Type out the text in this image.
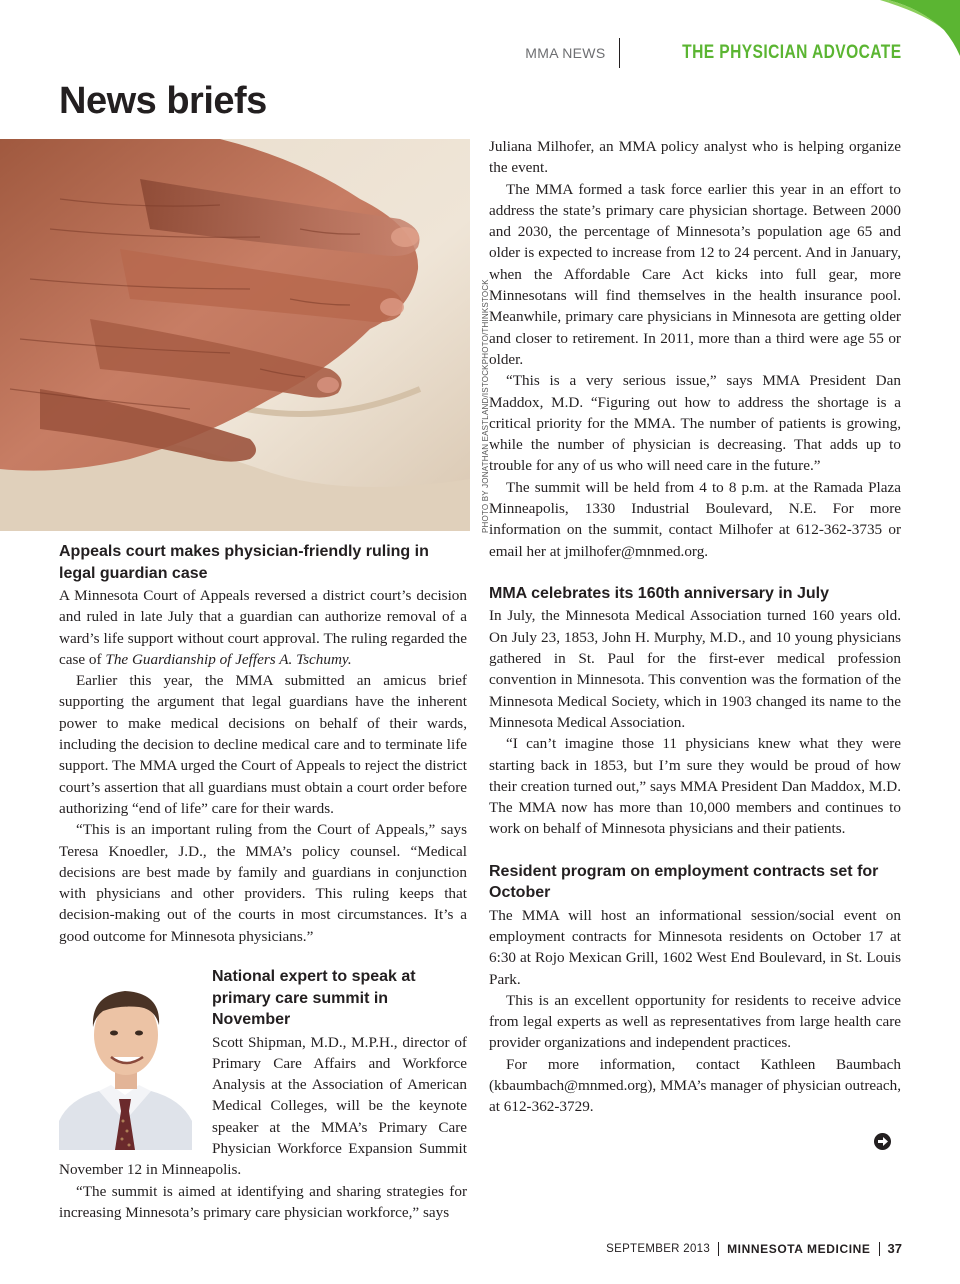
MMA NEWS	THE PHYSICIAN ADVOCATE
News briefs
PHOTO BY JONATHAN EASTLAND/ISTOCKPHOTO/THINKSTOCK
Appeals court makes physician-friendly ruling in legal guardian case

A Minnesota Court of Appeals reversed a district court’s decision and ruled in late July that a guardian can authorize removal of a ward’s life support without court approval. The ruling regarded the case of The Guardianship of Jeffers A. Tschumy.

Earlier this year, the MMA submitted an amicus brief supporting the argument that legal guardians have the inherent power to make medical decisions on behalf of their wards, including the decision to decline medical care and to terminate life support. The MMA urged the Court of Appeals to reject the district court’s assertion that all guardians must obtain a court order before authorizing “end of life” care for their wards.

“This is an important ruling from the Court of Appeals,” says Teresa Knoedler, J.D., the MMA’s policy counsel. “Medical decisions are best made by family and guardians in conjunction with physicians and other providers. This ruling keeps that decision-making out of the courts in most circumstances. It’s a good outcome for Minnesota physicians.”

National expert to speak at primary care summit in November

Scott Shipman, M.D., M.P.H., director of Primary Care Affairs and Workforce Analysis at the Association of American Medical Colleges, will be the keynote speaker at the MMA’s Primary Care Physician Workforce Expansion Summit November 12 in Minneapolis.

“The summit is aimed at identifying and sharing strategies for increasing Minnesota’s primary care physician workforce,” says

Juliana Milhofer, an MMA policy analyst who is helping organize the event.

The MMA formed a task force earlier this year in an effort to address the state’s primary care physician shortage. Between 2000 and 2030, the percentage of Minnesota’s population age 65 and older is expected to increase from 12 to 24 percent. And in January, when the Affordable Care Act kicks into full gear, more Minnesotans will find themselves in the health insurance pool. Meanwhile, primary care physicians in Minnesota are getting older and closer to retirement. In 2011, more than a third were age 55 or older.

“This is a very serious issue,” says MMA President Dan Maddox, M.D. “Figuring out how to address the shortage is a critical priority for the MMA. The number of patients is growing, while the number of physician is decreasing. That adds up to trouble for any of us who will need care in the future.”

The summit will be held from 4 to 8 p.m. at the Ramada Plaza Minneapolis, 1330 Industrial Boulevard, N.E. For more information on the summit, contact Milhofer at 612-362-3735 or email her at jmilhofer@mnmed.org.

MMA celebrates its 160th anniversary in July

In July, the Minnesota Medical Association turned 160 years old. On July 23, 1853, John H. Murphy, M.D., and 10 young physicians gathered in St. Paul for the first-ever medical profession convention in Minnesota. This convention was the formation of the Minnesota Medical Society, which in 1903 changed its name to the Minnesota Medical Association.

“I can’t imagine those 11 physicians knew what they were starting back in 1853, but I’m sure they would be proud of how their creation turned out,” says MMA President Dan Maddox, M.D. The MMA now has more than 10,000 members and continues to work on behalf of Minnesota physicians and their patients.

Resident program on employment contracts set for October

The MMA will host an informational session/social event on employment contracts for Minnesota residents on October 17 at 6:30 at Rojo Mexican Grill, 1602 West End Boulevard, in St. Louis Park.

This is an excellent opportunity for residents to receive advice from legal experts as well as representatives from large health care provider organizations and independent practices.

For more information, contact Kathleen Baumbach (kbaumbach@mnmed.org), MMA’s manager of physician outreach, at 612-362-3729.

SEPTEMBER 2013 MINNESOTA MEDICINE 37
